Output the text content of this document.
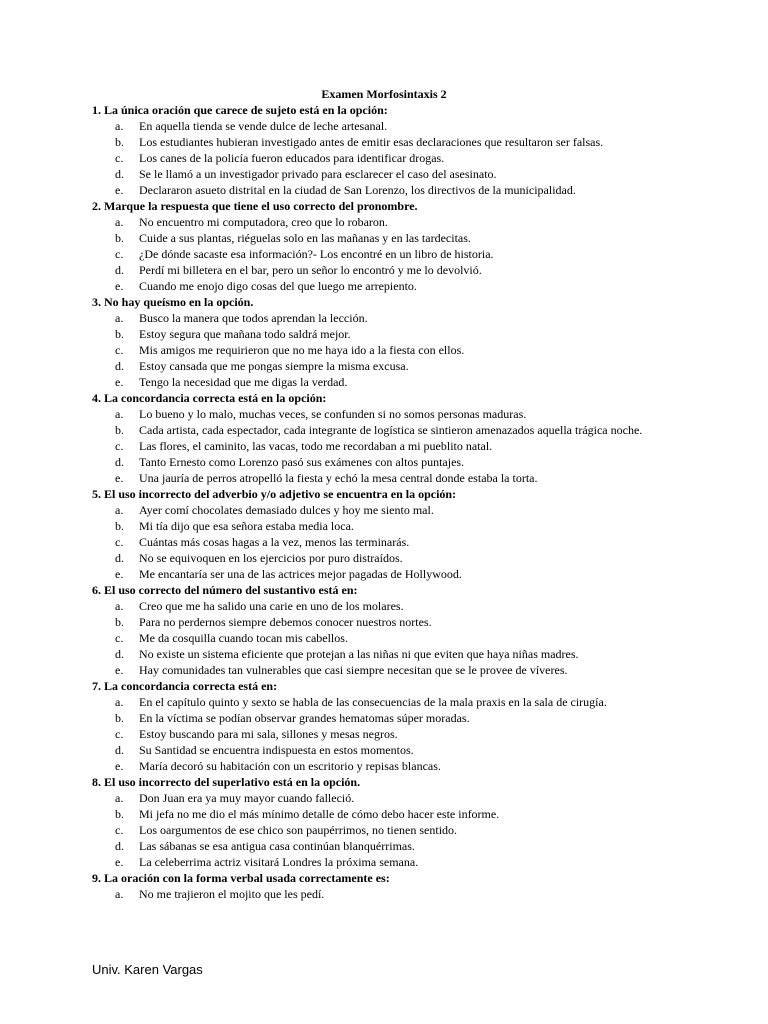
Examen Morfosintaxis 2
1. La única oración que carece de sujeto está en la opción:
a. En aquella tienda se vende dulce de leche artesanal.
b. Los estudiantes hubieran investigado antes de emitir esas declaraciones que resultaron ser falsas.
c. Los canes de la policía fueron educados para identificar drogas.
d. Se le llamó a un investigador privado para esclarecer el caso del asesinato.
e. Declararon asueto distrital en la ciudad de San Lorenzo, los directivos de la municipalidad.
2. Marque la respuesta que tiene el uso correcto del pronombre.
a. No encuentro mi computadora, creo que lo robaron.
b. Cuide a sus plantas, riéguelas solo en las mañanas y en las tardecitas.
c. ¿De dónde sacaste esa información?- Los encontré en un libro de historia.
d. Perdí mi billetera en el bar, pero un señor lo encontró y me lo devolvió.
e. Cuando me enojo digo cosas del que luego me arrepiento.
3. No hay queísmo en la opción.
a. Busco la manera que todos aprendan la lección.
b. Estoy segura que mañana todo saldrá mejor.
c. Mis amigos me requirieron que no me haya ido a la fiesta con ellos.
d. Estoy cansada que me pongas siempre la misma excusa.
e. Tengo la necesidad que me digas la verdad.
4. La concordancia correcta está en la opción:
a. Lo bueno y lo malo, muchas veces, se confunden si no somos personas maduras.
b. Cada artista, cada espectador, cada integrante de logística se sintieron amenazados aquella trágica noche.
c. Las flores, el caminito, las vacas, todo me recordaban a mi pueblito natal.
d. Tanto Ernesto como Lorenzo pasó sus exámenes con altos puntajes.
e. Una jauría de perros atropelló la fiesta y echó la mesa central donde estaba la torta.
5. El uso incorrecto del adverbio y/o adjetivo se encuentra en la opción:
a. Ayer comí chocolates demasiado dulces y hoy me siento mal.
b. Mi tía dijo que esa señora estaba media loca.
c. Cuántas más cosas hagas a la vez, menos las terminarás.
d. No se equivoquen en los ejercicios por puro distraídos.
e. Me encantaría ser una de las actrices mejor pagadas de Hollywood.
6. El uso correcto del número del sustantivo está en:
a. Creo que me ha salido una carie en uno de los molares.
b. Para no perdernos siempre debemos conocer nuestros nortes.
c. Me da cosquilla cuando tocan mis cabellos.
d. No existe un sistema eficiente que protejan a las niñas ni que eviten que haya niñas madres.
e. Hay comunidades tan vulnerables que casi siempre necesitan que se le provee de víveres.
7. La concordancia correcta está en:
a. En el capítulo quinto y sexto se habla de las consecuencias de la mala praxis en la sala de cirugía.
b. En la víctima se podían observar grandes hematomas súper moradas.
c. Estoy buscando para mi sala, sillones y mesas negros.
d. Su Santidad se encuentra indispuesta en estos momentos.
e. María decoró su habitación con un escritorio y repisas blancas.
8. El uso incorrecto del superlativo está en la opción.
a. Don Juan era ya muy mayor cuando falleció.
b. Mi jefa no me dio el más mínimo detalle de cómo debo hacer este informe.
c. Los oargumentos de ese chico son paupérrimos, no tienen sentido.
d. Las sábanas se esa antigua casa continúan blanquérrimas.
e. La celeberrima actriz visitará Londres la próxima semana.
9. La oración con la forma verbal usada correctamente es:
a. No me trajieron el mojito que les pedí.

Univ. Karen Vargas
